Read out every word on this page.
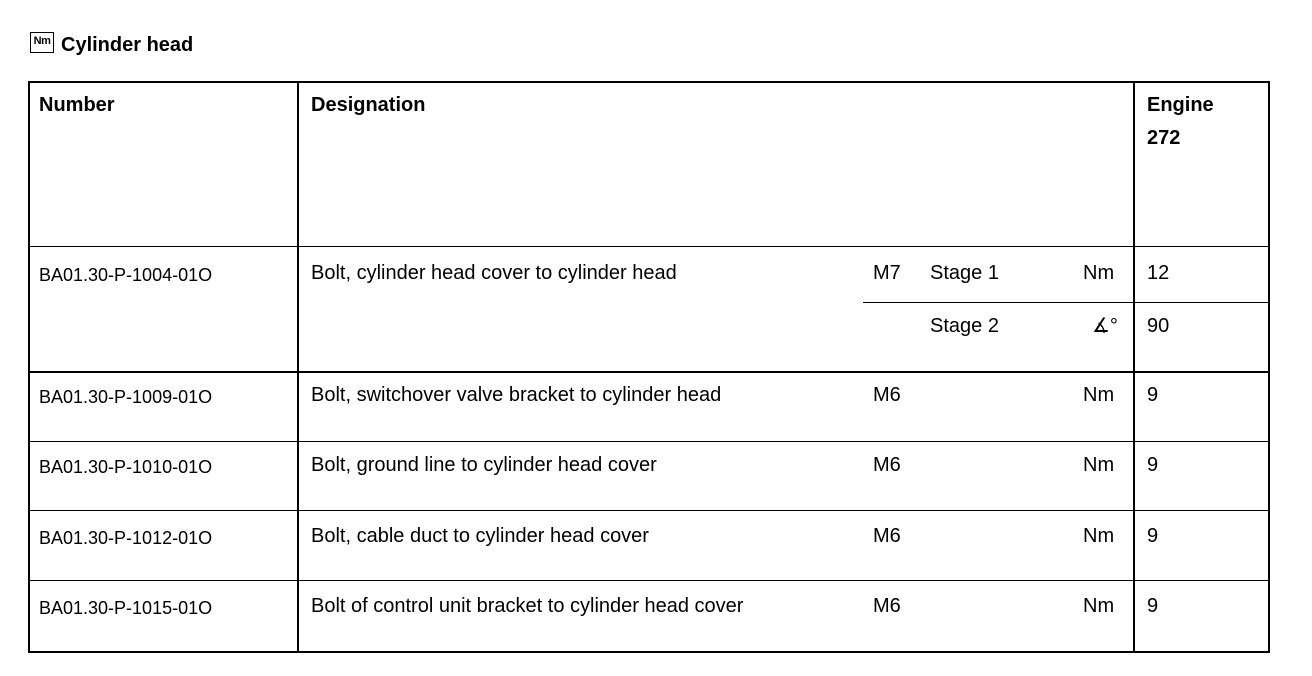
Nm Cylinder head
Number	Designation	Engine 272
BA01.30-P-1004-01O	Bolt, cylinder head cover to cylinder head	M7 Stage 1	Nm 12
Stage 2	∡° 90
BA01.30-P-1009-01O	Bolt, switchover valve bracket to cylinder head	M6	Nm 9
BA01.30-P-1010-01O	Bolt, ground line to cylinder head cover	M6	Nm 9
BA01.30-P-1012-01O	Bolt, cable duct to cylinder head cover	M6	Nm 9
BA01.30-P-1015-01O	Bolt of control unit bracket to cylinder head cover	M6	Nm 9
